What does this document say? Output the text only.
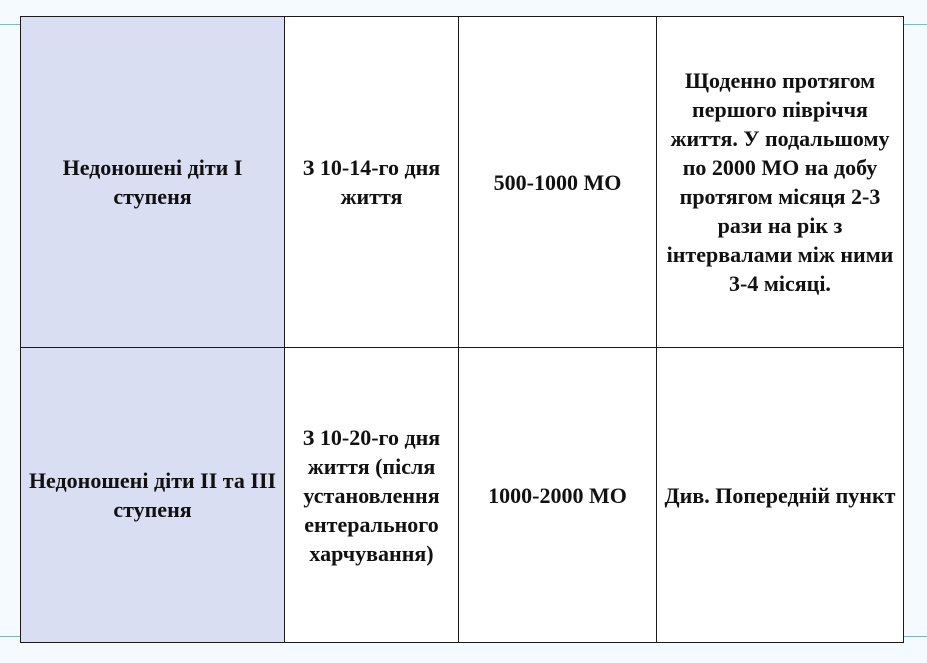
Недоношені діти І ступеня	З 10-14-го дня життя	500-1000 МО	Щоденно протягом першого півріччя життя. У подальшому по 2000 МО на добу протягом місяця 2-3 рази на рік з інтервалами між ними 3-4 місяці.
Недоношені діти ІІ та ІІІ ступеня	З 10-20-го дня життя (після установлення ентерального харчування)	1000-2000 МО	Див. Попередній пункт
